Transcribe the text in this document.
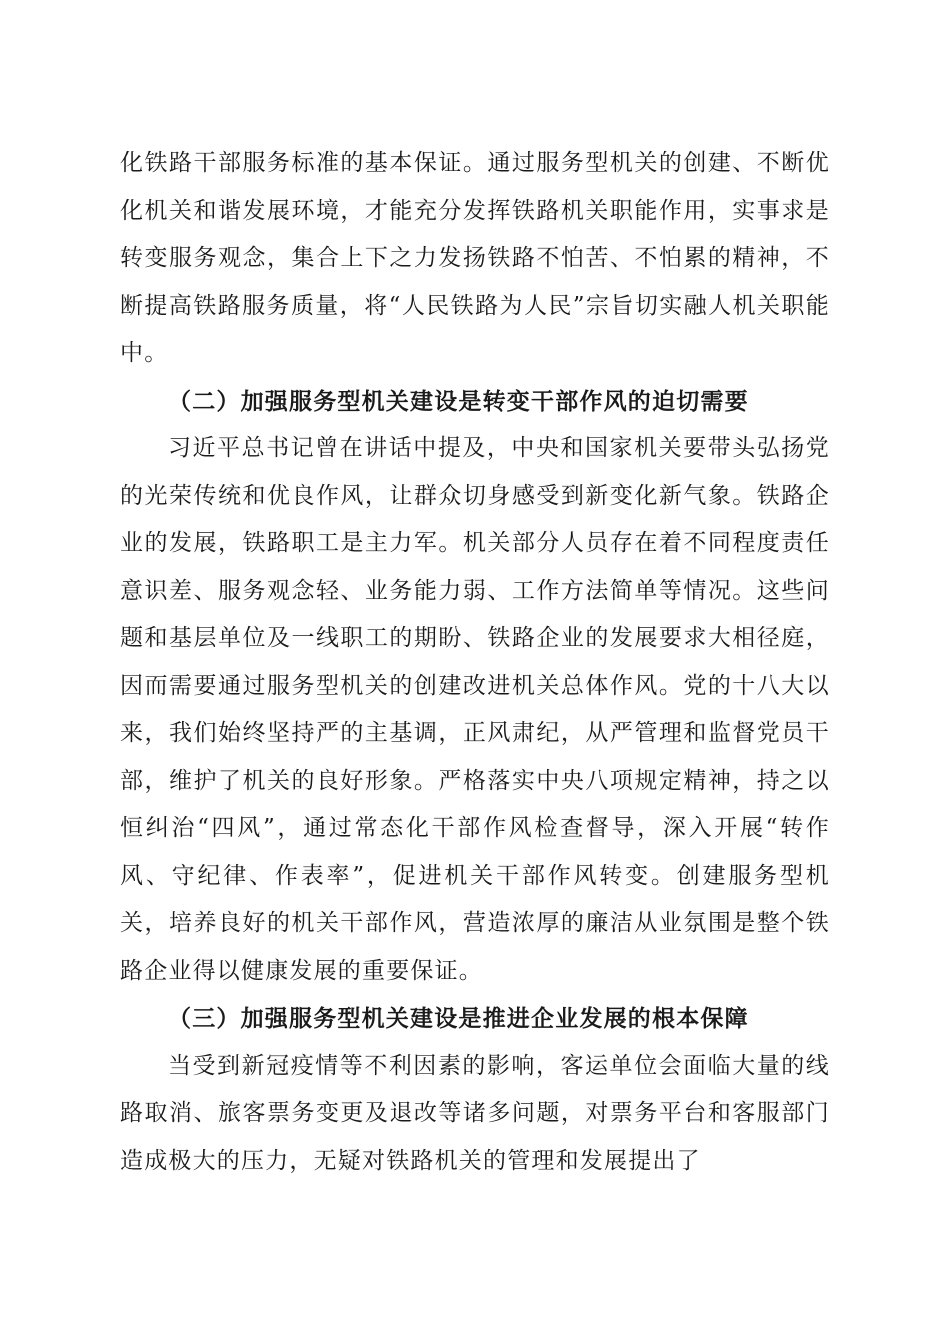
化铁路干部服务标准的基本保证。通过服务型机关的创建、不断优化机关和谐发展环境，才能充分发挥铁路机关职能作用，实事求是转变服务观念，集合上下之力发扬铁路不怕苦、不怕累的精神，不断提高铁路服务质量，将“人民铁路为人民”宗旨切实融人机关职能中。

（二）加强服务型机关建设是转变干部作风的迫切需要

习近平总书记曾在讲话中提及，中央和国家机关要带头弘扬党的光荣传统和优良作风，让群众切身感受到新变化新气象。铁路企业的发展，铁路职工是主力军。机关部分人员存在着不同程度责任意识差、服务观念轻、业务能力弱、工作方法简单等情况。这些问题和基层单位及一线职工的期盼、铁路企业的发展要求大相径庭，因而需要通过服务型机关的创建改进机关总体作风。党的十八大以来，我们始终坚持严的主基调，正风肃纪，从严管理和监督党员干部，维护了机关的良好形象。严格落实中央八项规定精神，持之以恒纠治“四风”，通过常态化干部作风检查督导，深入开展“转作风、守纪律、作表率”，促进机关干部作风转变。创建服务型机关，培养良好的机关干部作风，营造浓厚的廉洁从业氛围是整个铁路企业得以健康发展的重要保证。

（三）加强服务型机关建设是推进企业发展的根本保障

当受到新冠疫情等不利因素的影响，客运单位会面临大量的线路取消、旅客票务变更及退改等诸多问题，对票务平台和客服部门造成极大的压力，无疑对铁路机关的管理和发展提出了
